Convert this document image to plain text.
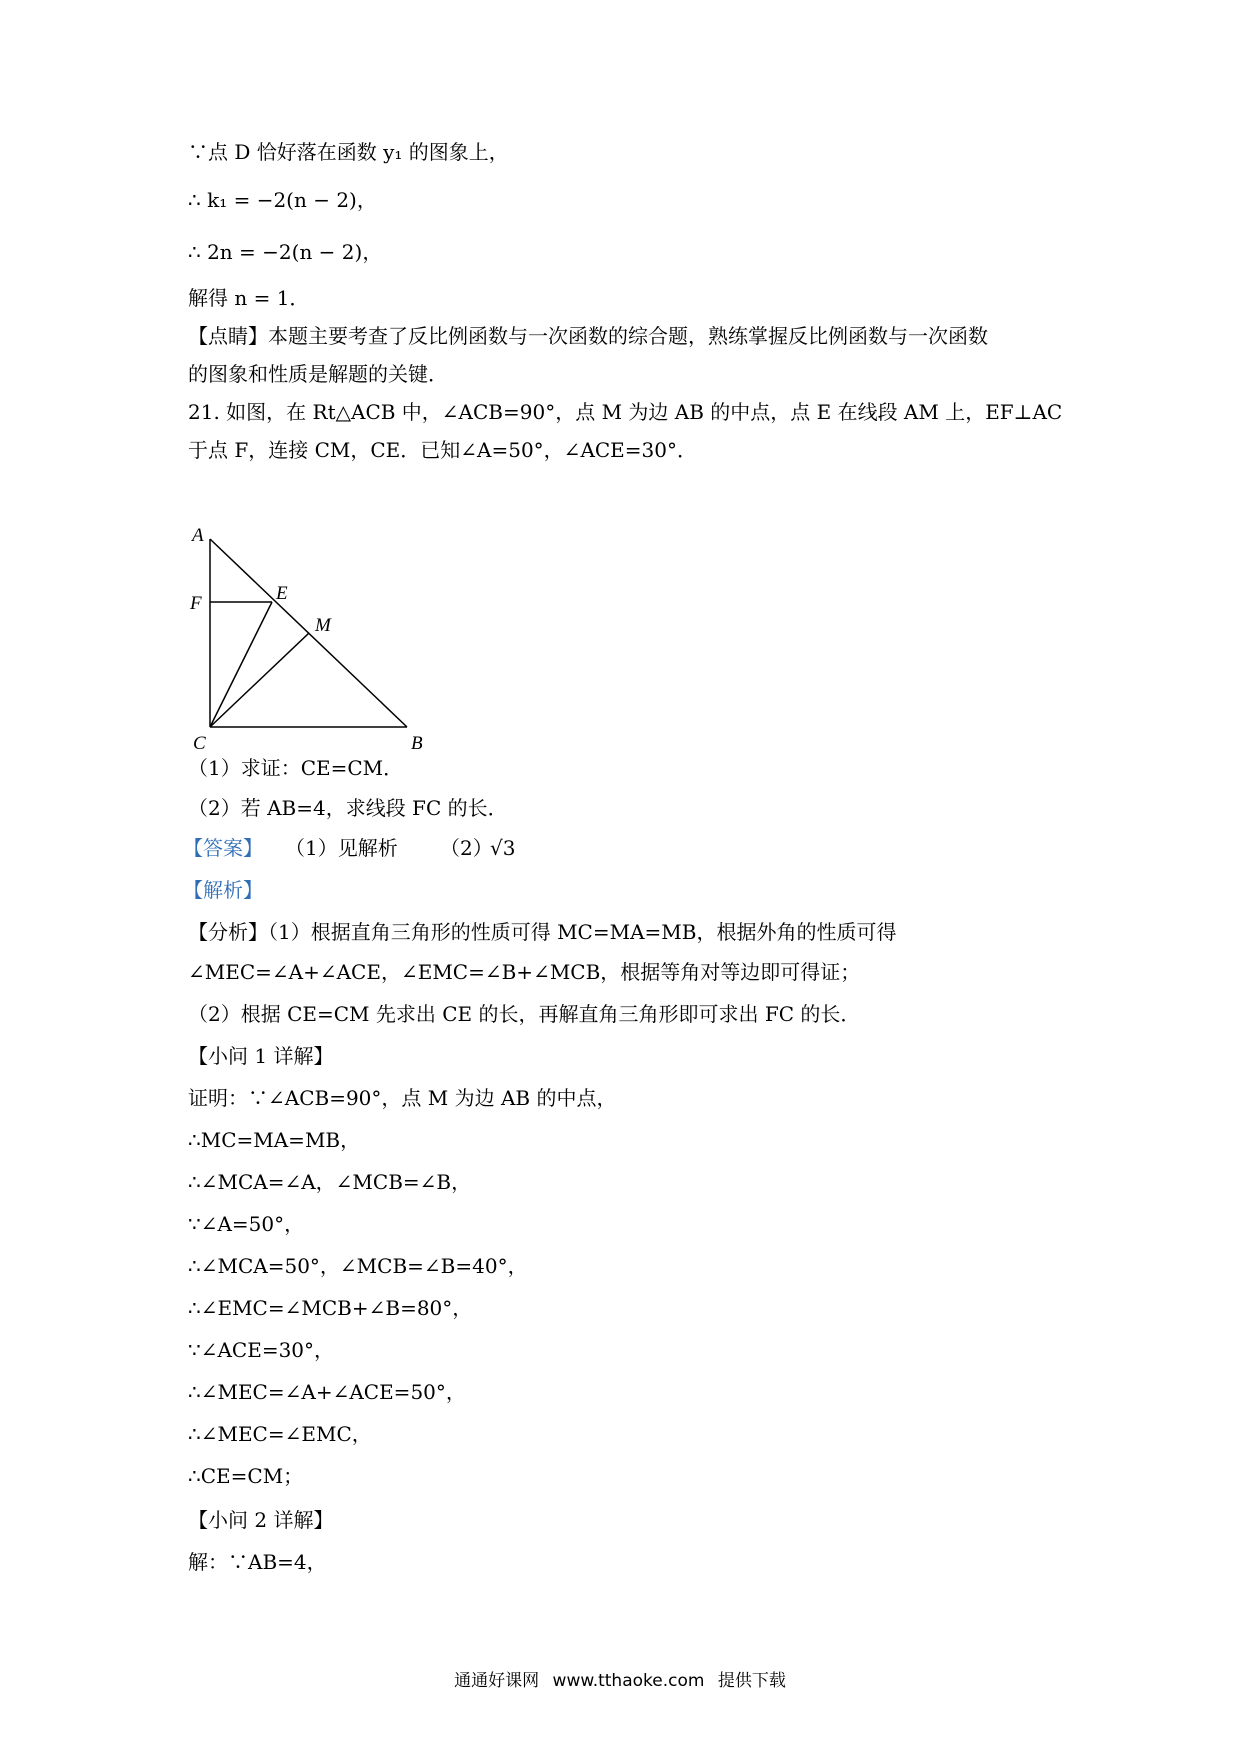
∵点 D 恰好落在函数 y₁ 的图象上，
∴ k₁ = −2(n − 2)，
∴ 2n = −2(n − 2)，
解得 n = 1．
【点睛】本题主要考查了反比例函数与一次函数的综合题，熟练掌握反比例函数与一次函数
的图象和性质是解题的关键．
21. 如图，在 Rt△ACB 中，∠ACB=90°，点 M 为边 AB 的中点，点 E 在线段 AM 上，EF⊥AC
于点 F，连接 CM，CE．已知∠A=50°，∠ACE=30°．
A
F	E
M
C	B
（1）求证：CE=CM．
（2）若 AB=4，求线段 FC 的长．
【答案】 （1）见解析 （2）
√3
【解析】
【分析】（1）根据直角三角形的性质可得 MC=MA=MB，根据外角的性质可得
∠MEC=∠A+∠ACE，∠EMC=∠B+∠MCB，根据等角对等边即可得证；
（2）根据 CE=CM 先求出 CE 的长，再解直角三角形即可求出 FC 的长．
【小问 1 详解】
证明：∵∠ACB=90°，点 M 为边 AB 的中点，
∴MC=MA=MB，
∴∠MCA=∠A，∠MCB=∠B，
∵∠A=50°，
∴∠MCA=50°，∠MCB=∠B=40°，
∴∠EMC=∠MCB+∠B=80°，
∵∠ACE=30°，
∴∠MEC=∠A+∠ACE=50°，
∴∠MEC=∠EMC，
∴CE=CM；
【小问 2 详解】
解：∵AB=4，
通通好课网 www.tthaoke.com 提供下载
